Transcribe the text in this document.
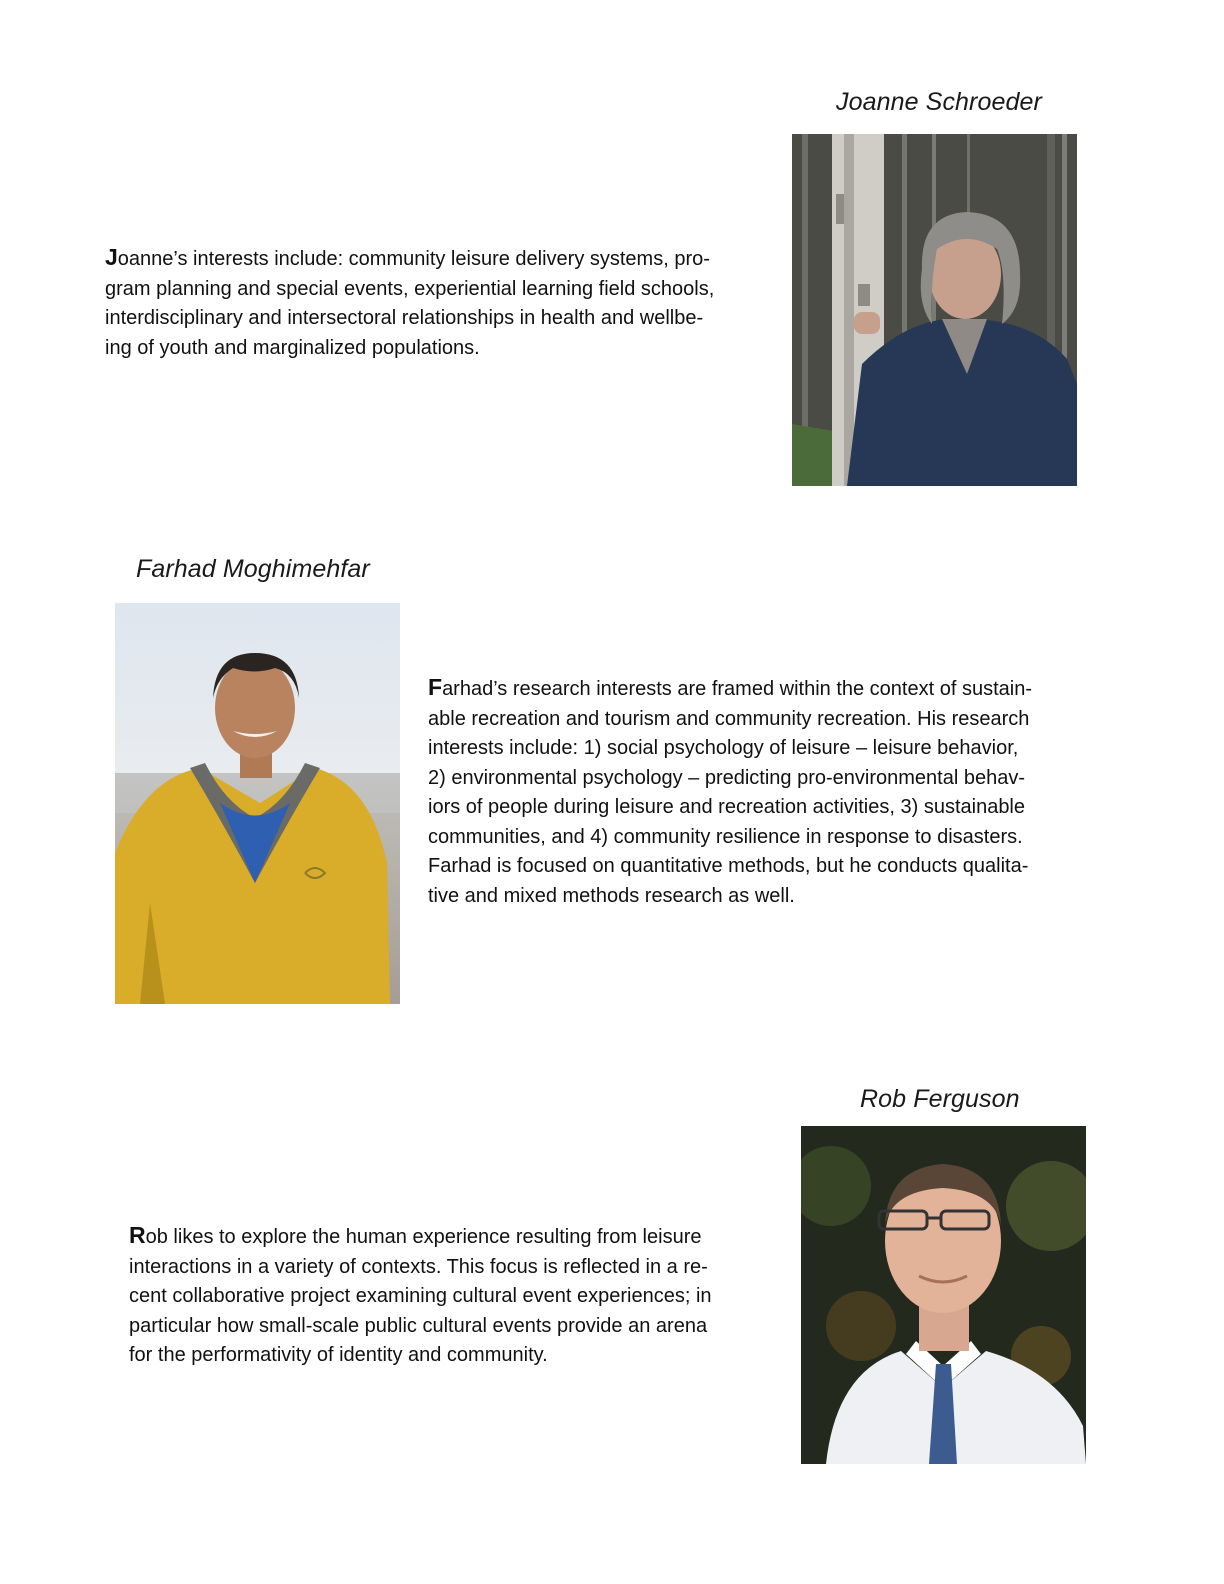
Joanne Schroeder
Joanne’s interests include: community leisure delivery systems, pro-
gram planning and special events, experiential learning field schools,
interdisciplinary and intersectoral relationships in health and wellbe-
ing of youth and marginalized populations.
Farhad Moghimehfar
Farhad’s research interests are framed within the context of sustain-
able recreation and tourism and community recreation. His research
interests include: 1) social psychology of leisure – leisure behavior,
2) environmental psychology – predicting pro-environmental behav-
iors of people during leisure and recreation activities, 3) sustainable
communities, and 4) community resilience in response to disasters.
Farhad is focused on quantitative methods, but he conducts qualita-
tive and mixed methods research as well.
Rob Ferguson
Rob likes to explore the human experience resulting from leisure
interactions in a variety of contexts. This focus is reflected in a re-
cent collaborative project examining cultural event experiences; in
particular how small-scale public cultural events provide an arena
for the performativity of identity and community.
